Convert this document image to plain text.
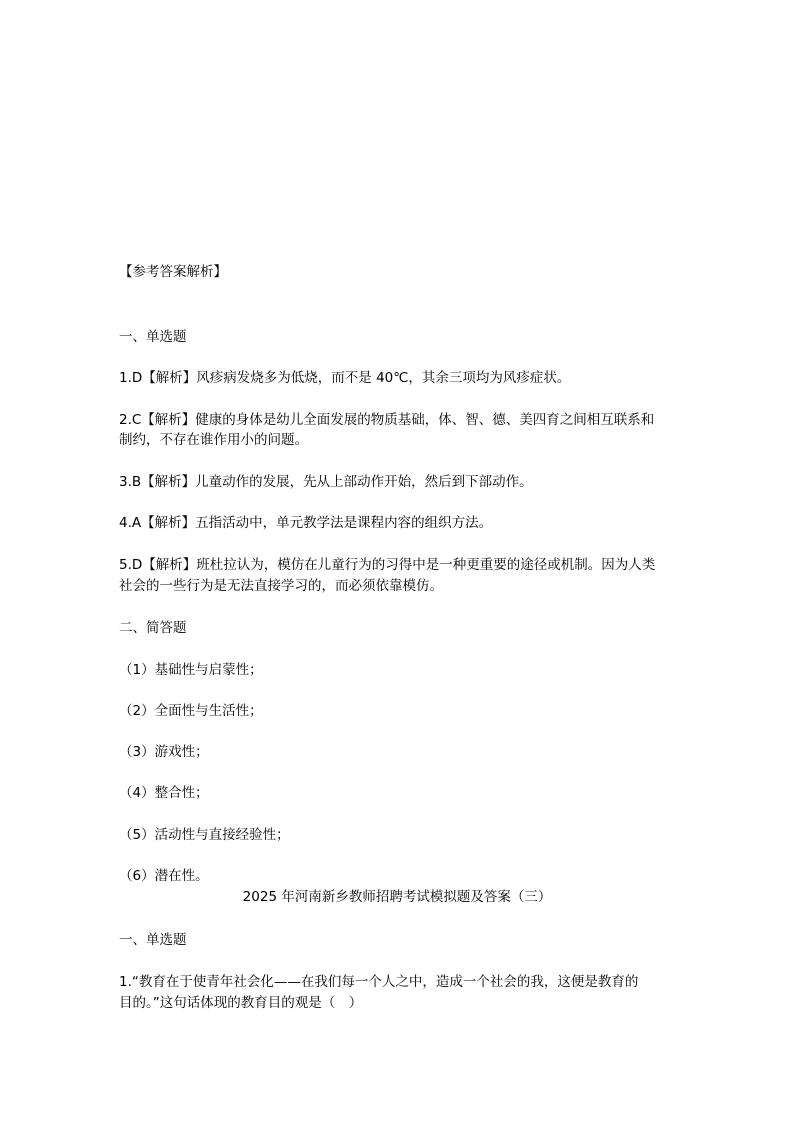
【参考答案解析】
一、单选题
1.D【解析】风疹病发烧多为低烧，而不是 40℃，其余三项均为风疹症状。
2.C【解析】健康的身体是幼儿全面发展的物质基础，体、智、德、美四育之间相互联系和
制约，不存在谁作用小的问题。
3.B【解析】儿童动作的发展，先从上部动作开始，然后到下部动作。
4.A【解析】五指活动中，单元教学法是课程内容的组织方法。
5.D【解析】班杜拉认为，模仿在儿童行为的习得中是一种更重要的途径或机制。因为人类
社会的一些行为是无法直接学习的，而必须依靠模仿。
二、简答题
（1）基础性与启蒙性；
（2）全面性与生活性；
（3）游戏性；
（4）整合性；
（5）活动性与直接经验性；
（6）潜在性。
2025 年河南新乡教师招聘考试模拟题及答案（三）
一、单选题
1.“教育在于使青年社会化——在我们每一个人之中，造成一个社会的我，这便是教育的
目的。”这句话体现的教育目的观是（　）
